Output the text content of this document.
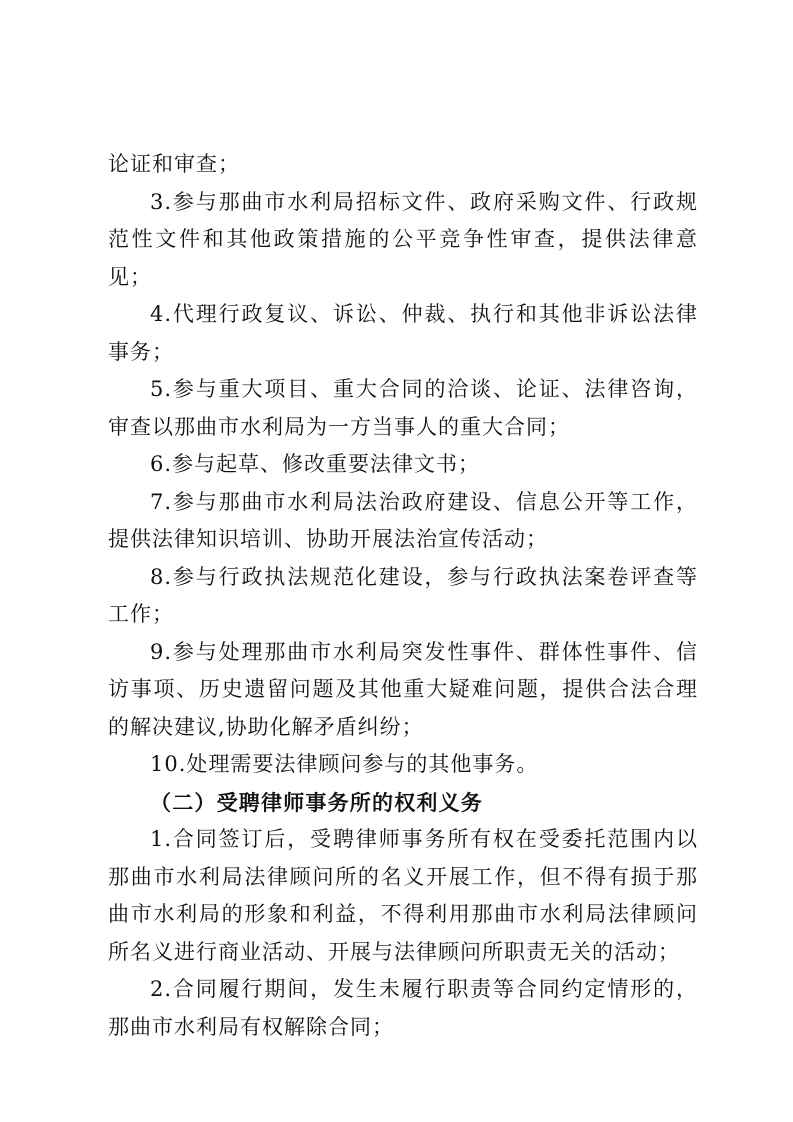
论证和审查；

3.参与那曲市水利局招标文件、政府采购文件、行政规范性文件和其他政策措施的公平竞争性审查，提供法律意见；

4.代理行政复议、诉讼、仲裁、执行和其他非诉讼法律事务；

5.参与重大项目、重大合同的洽谈、论证、法律咨询，审查以那曲市水利局为一方当事人的重大合同；

6.参与起草、修改重要法律文书；

7.参与那曲市水利局法治政府建设、信息公开等工作，提供法律知识培训、协助开展法治宣传活动；

8.参与行政执法规范化建设，参与行政执法案卷评查等工作；

9.参与处理那曲市水利局突发性事件、群体性事件、信访事项、历史遗留问题及其他重大疑难问题，提供合法合理的解决建议,协助化解矛盾纠纷；

10.处理需要法律顾问参与的其他事务。

（二）受聘律师事务所的权利义务

1.合同签订后，受聘律师事务所有权在受委托范围内以那曲市水利局法律顾问所的名义开展工作，但不得有损于那曲市水利局的形象和利益，不得利用那曲市水利局法律顾问所名义进行商业活动、开展与法律顾问所职责无关的活动；

2.合同履行期间，发生未履行职责等合同约定情形的，那曲市水利局有权解除合同；
